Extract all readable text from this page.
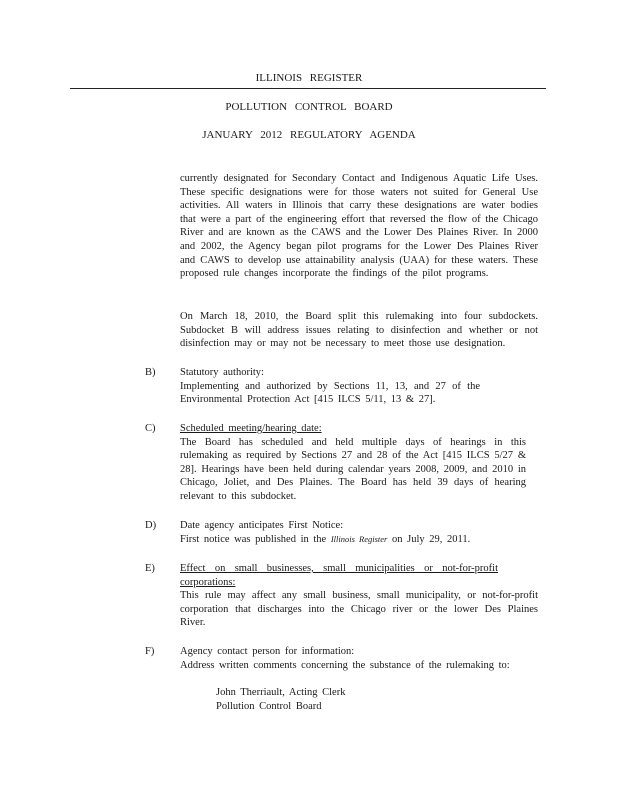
ILLINOIS REGISTER
POLLUTION CONTROL BOARD
JANUARY 2012 REGULATORY AGENDA

currently designated for Secondary Contact and Indigenous Aquatic Life Uses. These specific designations were for those waters not suited for General Use activities. All waters in Illinois that carry these designations are water bodies that were a part of the engineering effort that reversed the flow of the Chicago River and are known as the CAWS and the Lower Des Plaines River. In 2000 and 2002, the Agency began pilot programs for the Lower Des Plaines River and CAWS to develop use attainability analysis (UAA) for these waters. These proposed rule changes incorporate the findings of the pilot programs.

On March 18, 2010, the Board split this rulemaking into four subdockets. Subdocket B will address issues relating to disinfection and whether or not disinfection may or may not be necessary to meet those use designation.

B) Statutory authority:

Implementing and authorized by Sections 11, 13, and 27 of the Environmental Protection Act [415 ILCS 5/11, 13 & 27].

C) Scheduled meeting/hearing date:

The Board has scheduled and held multiple days of hearings in this rulemaking as required by Sections 27 and 28 of the Act [415 ILCS 5/27 & 28]. Hearings have been held during calendar years 2008, 2009, and 2010 in Chicago, Joliet, and Des Plaines. The Board has held 39 days of hearing relevant to this subdocket.

D) Date agency anticipates First Notice:

First notice was published in the Illinois Register on July 29, 2011.

E) Effect on small businesses, small municipalities or not-for-profit corporations:

This rule may affect any small business, small municipality, or not-for-profit corporation that discharges into the Chicago river or the lower Des Plaines River.

F) Agency contact person for information:

Address written comments concerning the substance of the rulemaking to:

John Therriault, Acting Clerk

Pollution Control Board
